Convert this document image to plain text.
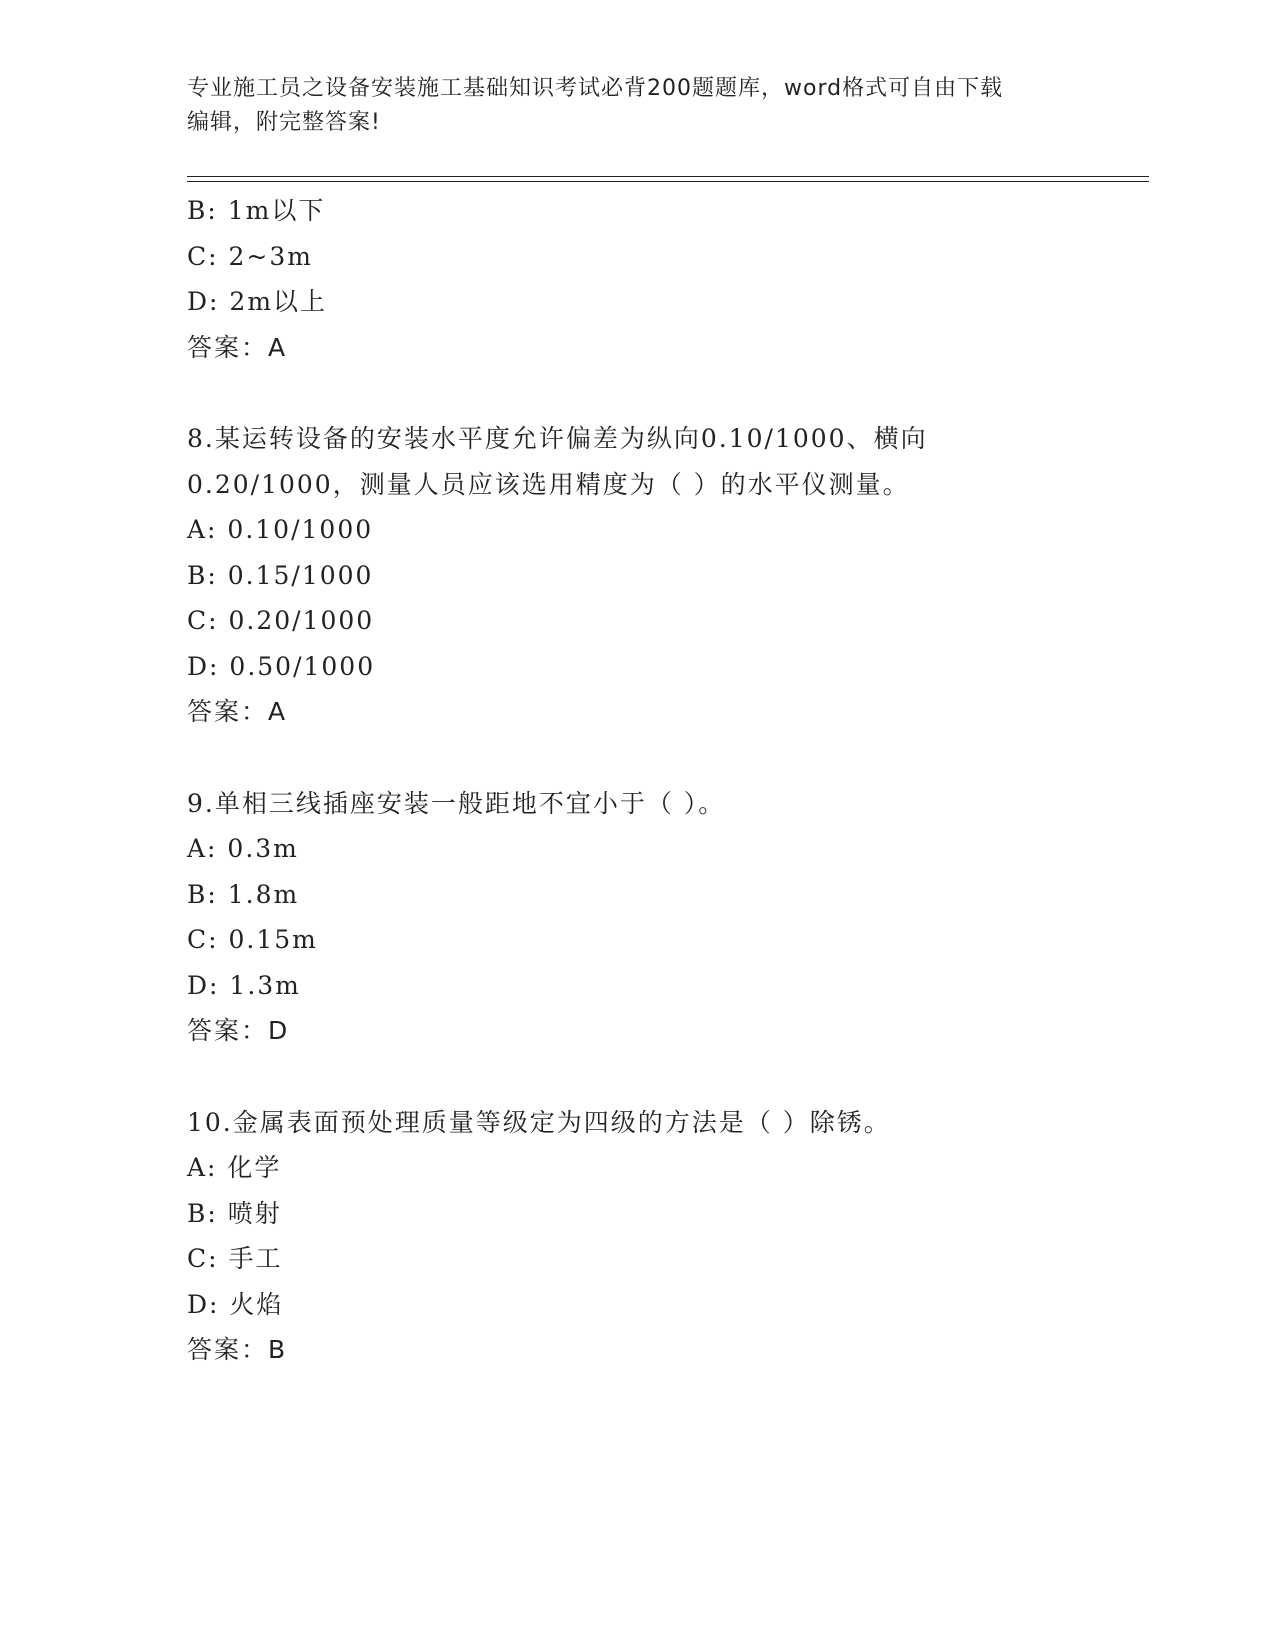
专业施工员之设备安装施工基础知识考试必背200题题库，word格式可自由下载
编辑，附完整答案!
B: 1m以下
C: 2~3m
D: 2m以上
答案：A
8.某运转设备的安装水平度允许偏差为纵向0.10/1000、横向
0.20/1000，测量人员应该选用精度为（ ）的水平仪测量。
A: 0.10/1000
B: 0.15/1000
C: 0.20/1000
D: 0.50/1000
答案：A
9.单相三线插座安装一般距地不宜小于（ ）。
A: 0.3m
B: 1.8m
C: 0.15m
D: 1.3m
答案：D
10.金属表面预处理质量等级定为四级的方法是（ ）除锈。
A: 化学
B: 喷射
C: 手工
D: 火焰
答案：B
